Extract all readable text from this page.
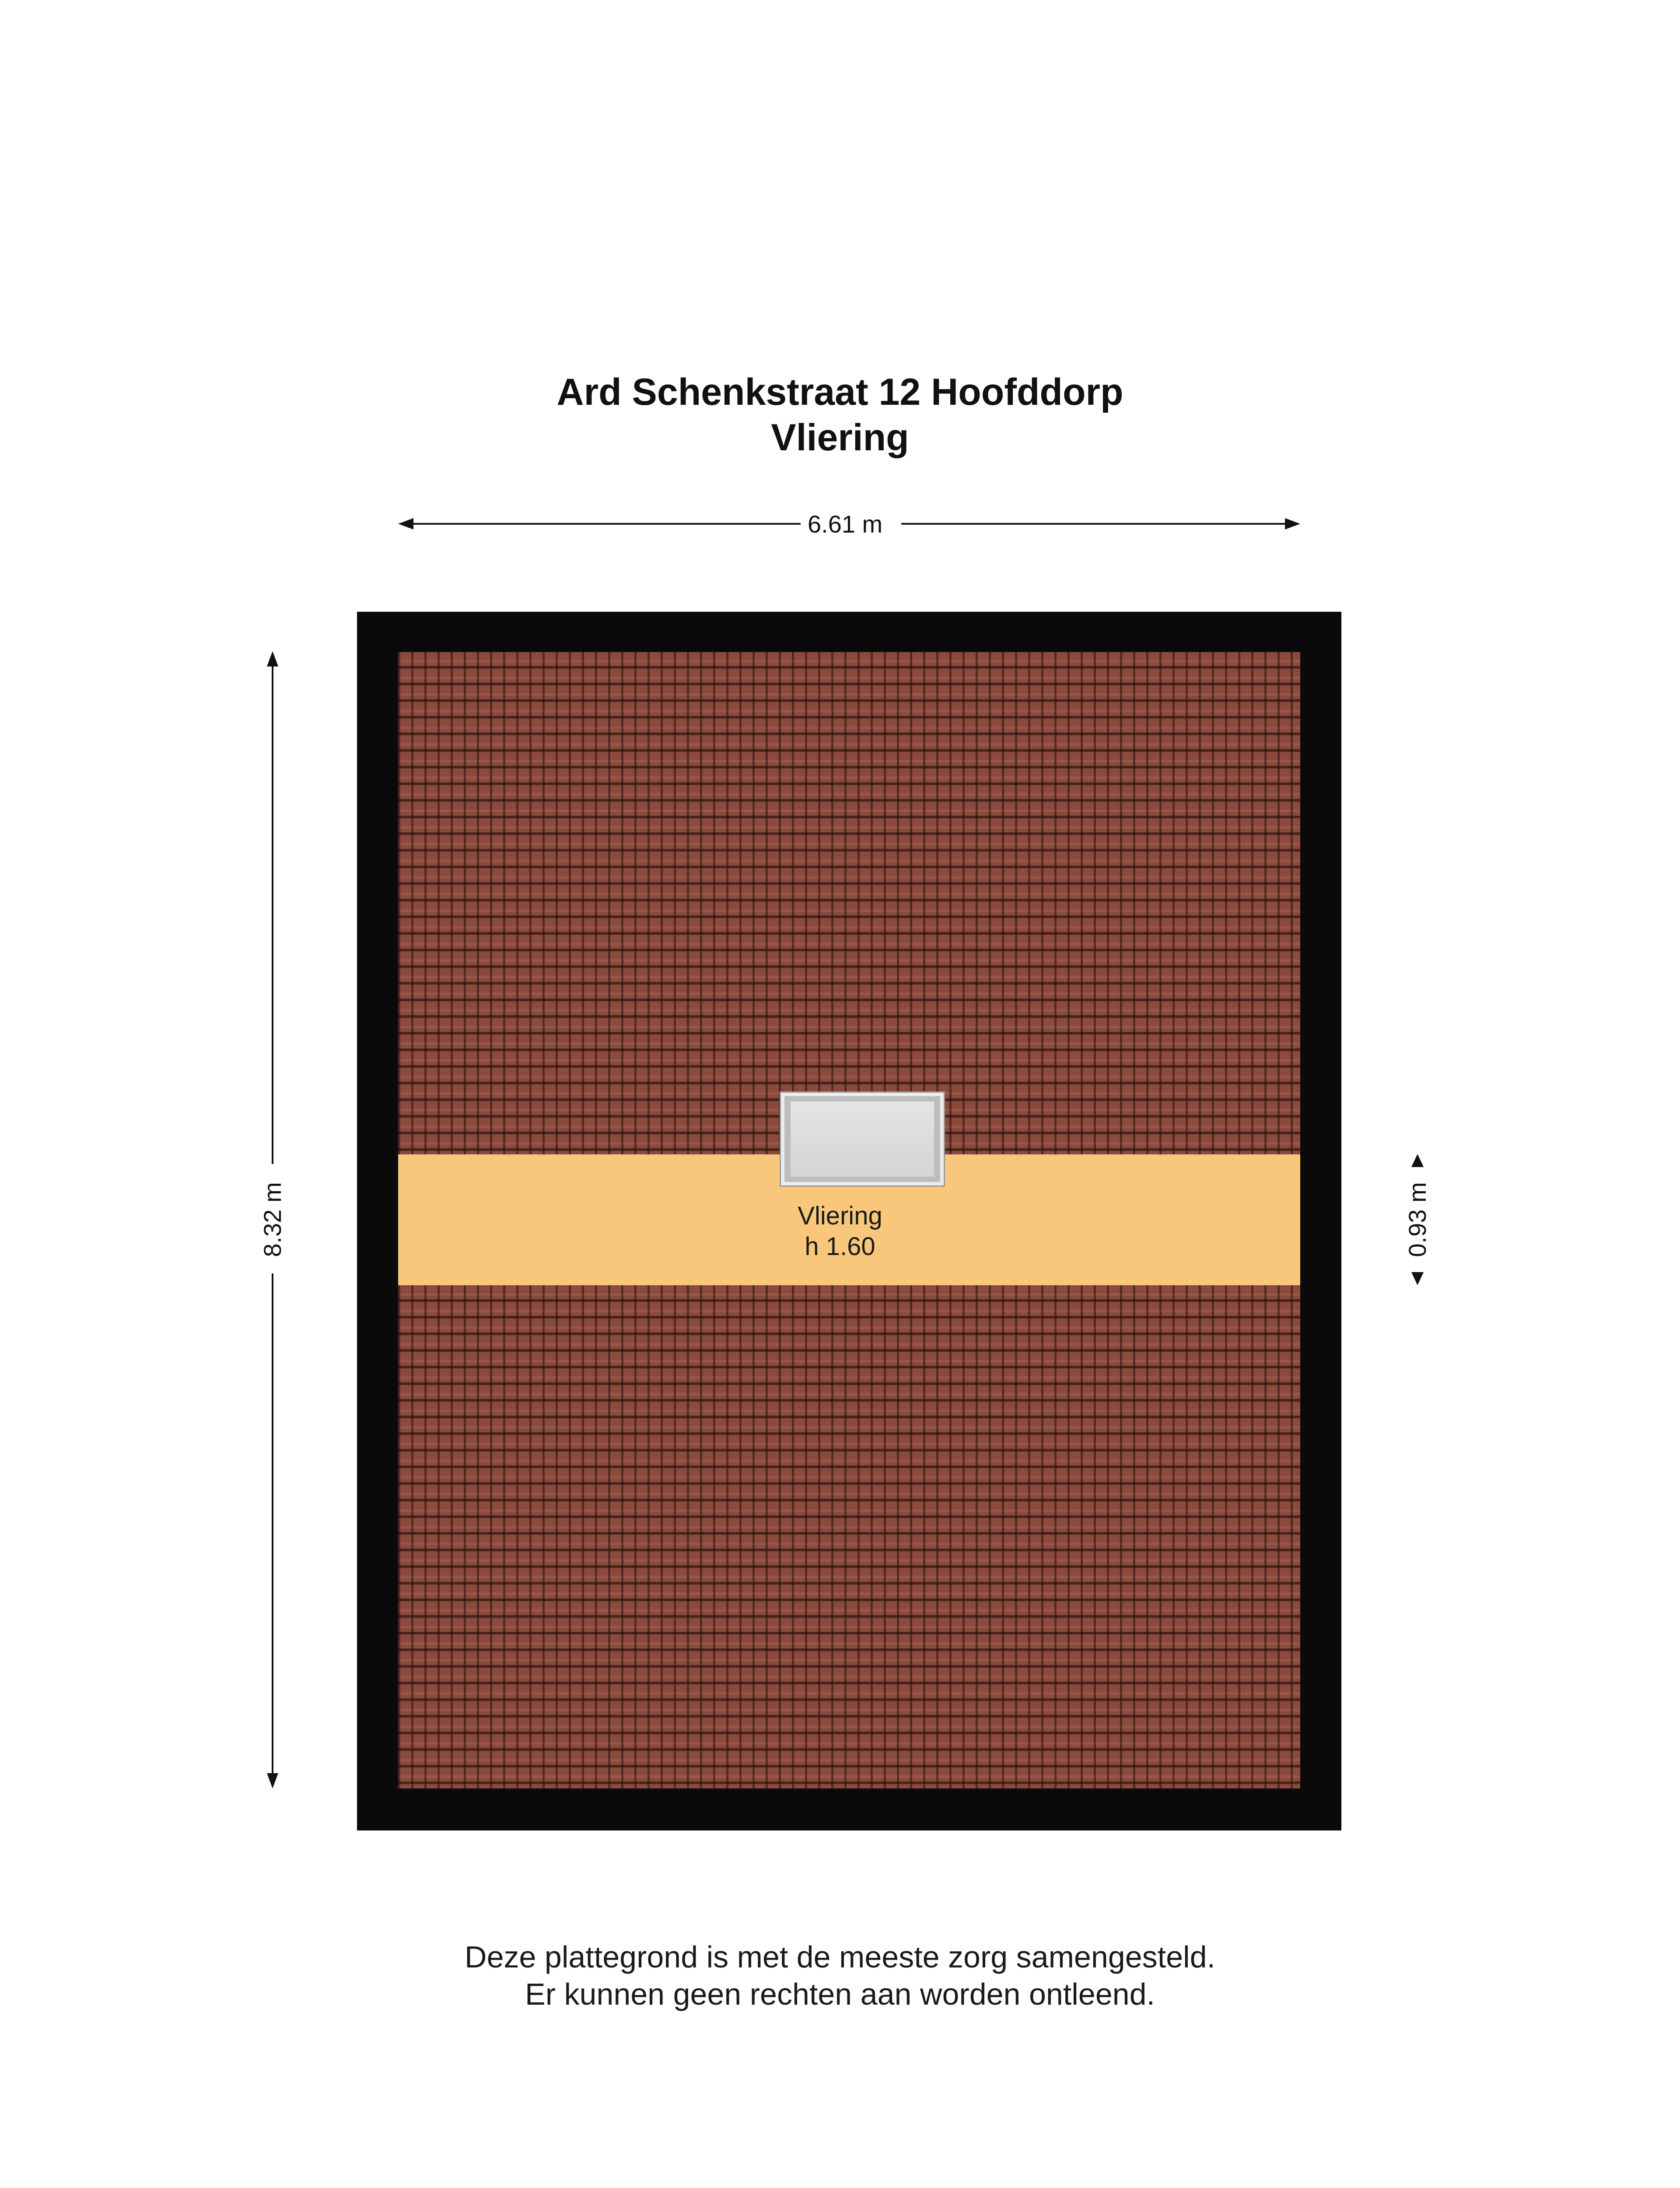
Ard Schenkstraat 12 Hoofddorp
Vliering
6.61 m
8.32 m	0.93 m
Vliering
h 1.60
Deze plattegrond is met de meeste zorg samengesteld.
Er kunnen geen rechten aan worden ontleend.
